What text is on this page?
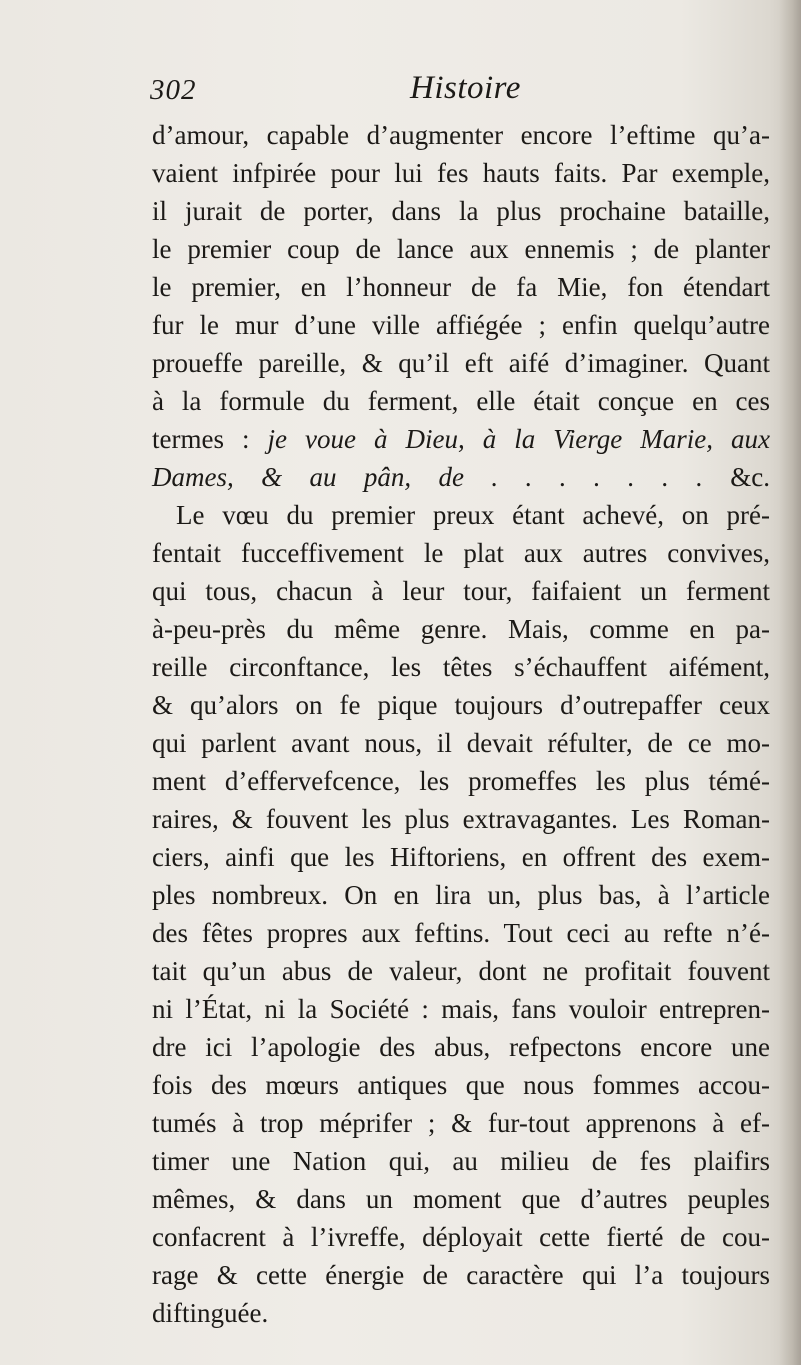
302	Histoire
d’amour, capable d’augmenter encore l’eftime qu’a-
vaient infpirée pour lui fes hauts faits. Par exemple,
il jurait de porter, dans la plus prochaine bataille,
le premier coup de lance aux ennemis ; de planter
le premier, en l’honneur de fa Mie, fon étendart
fur le mur d’une ville affiégée ; enfin quelqu’autre
proueffe pareille, & qu’il eft aifé d’imaginer. Quant
à la formule du ferment, elle était conçue en ces
termes : je voue à Dieu, à la Vierge Marie, aux
Dames, & au pân, de . . . . . . . &c.
Le vœu du premier preux étant achevé, on pré-
fentait fucceffivement le plat aux autres convives,
qui tous, chacun à leur tour, faifaient un ferment
à-peu-près du même genre. Mais, comme en pa-
reille circonftance, les têtes s’échauffent aifément,
& qu’alors on fe pique toujours d’outrepaffer ceux
qui parlent avant nous, il devait réfulter, de ce mo-
ment d’effervefcence, les promeffes les plus témé-
raires, & fouvent les plus extravagantes. Les Roman-
ciers, ainfi que les Hiftoriens, en offrent des exem-
ples nombreux. On en lira un, plus bas, à l’article
des fêtes propres aux feftins. Tout ceci au refte n’é-
tait qu’un abus de valeur, dont ne profitait fouvent
ni l’État, ni la Société : mais, fans vouloir entrepren-
dre ici l’apologie des abus, refpectons encore une
fois des mœurs antiques que nous fommes accou-
tumés à trop méprifer ; & fur-tout apprenons à ef-
timer une Nation qui, au milieu de fes plaifirs
mêmes, & dans un moment que d’autres peuples
confacrent à l’ivreffe, déployait cette fierté de cou-
rage & cette énergie de caractère qui l’a toujours
diftinguée.
